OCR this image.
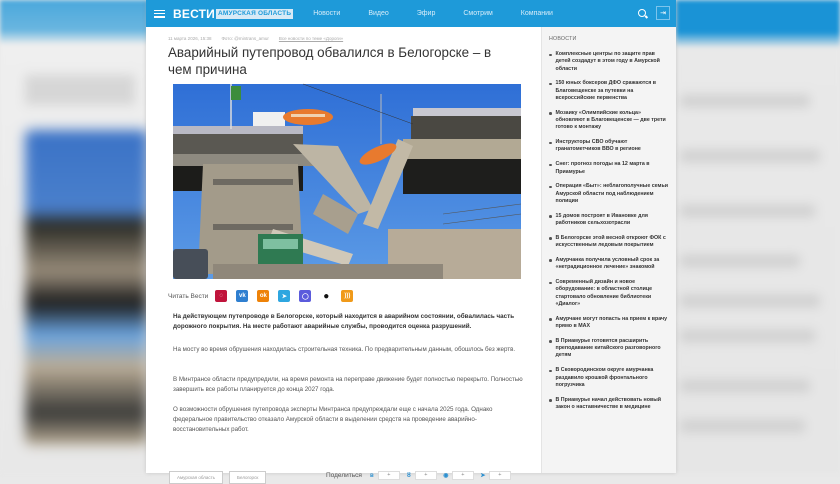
ВЕСТИ АМУРСКАЯ ОБЛАСТЬ	Новости	Видео	Эфир	Смотрим	Компании	⇥
11 марта 2026, 15:38 Фото: @mintrans_amur Все новости по теме «Дороги»
Аварийный путепровод обвалился в Белогорске – в чем причина
Читать Вести	◌	vk	ok	➤	◯ ●	)))

На действующем путепроводе в Белогорске, который находится в аварийном состоянии, обвалилась часть дорожного покрытия. На месте работают аварийные службы, проводится оценка разрушений.

На мосту во время обрушения находилась строительная техника. По предварительным данным, обошлось без жертв.

В Минтрансе области предупредили, на время ремонта на переправе движение будет полностью перекрыто. Полностью завершить все работы планируется до конца 2027 года.

О возможности обрушения путепровода эксперты Минтранса предупреждали еще с начала 2025 года. Однако федеральное правительство отказало Амурской области в выделении средств на проведение аварийно-восстановительных работ.

Амурская область	Белогорск	Поделиться в	+	ȣ	+	◉	+	➤	+
НОВОСТИ
Комплексные центры по защите прав детей создадут в этом году в Амурской области
150 юных боксеров ДФО сражаются в Благовещенске за путевки на всероссийские первенства
Мозаику «Олимпийские кольца» обновляют в Благовещенске — две трети готово к монтажу
Инструкторы СВО обучают гранатометчиков ВВО в регионе
Снег: прогноз погоды на 12 марта в Приамурье
Операция «Быт»: неблагополучные семьи Амурской области под наблюдением полиции
15 домов построят в Ивановке для работников сельхозотрасли
В Белогорске этой весной откроют ФОК с искусственным ледовым покрытием
Амурчанка получила условный срок за «нетрадиционное лечение» знакомой
Современный дизайн и новое оборудование: в областной столице стартовало обновление библиотеки «Диалог»
Амурчане могут попасть на прием к врачу прямо в MAX
В Приамурье готовятся расширить преподавание китайского разговорного детям
В Сковородинском округе амурчанка раздавило крошкой фронтального погрузчика
В Приамурье начал действовать новый закон о наставничестве в медицине
